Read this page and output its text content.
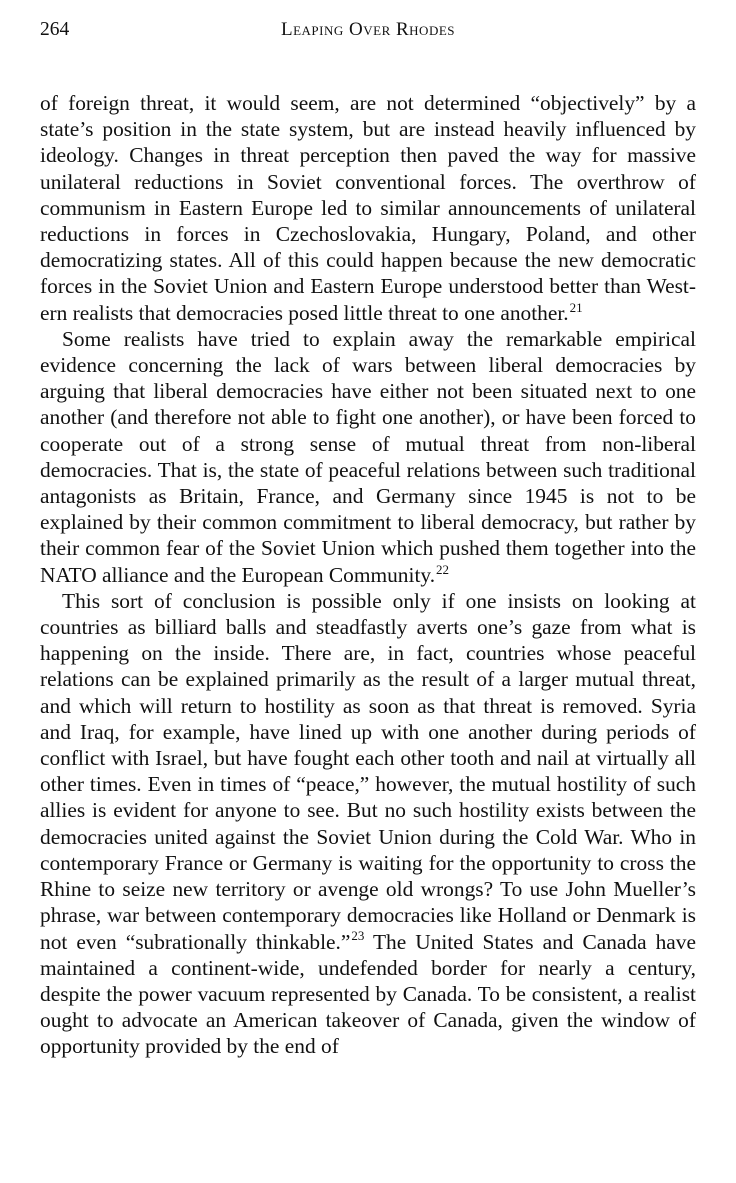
264	Leaping Over Rhodes

of foreign threat, it would seem, are not determined “objectively” by a state’s position in the state system, but are instead heavily influenced by ideology. Changes in threat perception then paved the way for massive unilateral reductions in Soviet conventional forces. The overthrow of communism in Eastern Europe led to similar announcements of unilateral reductions in forces in Czechoslovakia, Hungary, Poland, and other democratizing states. All of this could happen because the new democratic forces in the Soviet Union and Eastern Europe understood better than Western realists that democracies posed little threat to one another.$^{21}$

Some realists have tried to explain away the remarkable empirical evidence concerning the lack of wars between liberal democracies by arguing that liberal democracies have either not been situated next to one another (and therefore not able to fight one another), or have been forced to cooperate out of a strong sense of mutual threat from non-liberal democracies. That is, the state of peaceful relations between such traditional antagonists as Britain, France, and Germany since 1945 is not to be explained by their common commitment to liberal democracy, but rather by their common fear of the Soviet Union which pushed them together into the NATO alliance and the European Community.$^{22}$

This sort of conclusion is possible only if one insists on looking at countries as billiard balls and steadfastly averts one’s gaze from what is happening on the inside. There are, in fact, countries whose peaceful relations can be explained primarily as the result of a larger mutual threat, and which will return to hostility as soon as that threat is removed. Syria and Iraq, for example, have lined up with one another during periods of conflict with Israel, but have fought each other tooth and nail at virtually all other times. Even in times of “peace,” however, the mutual hostility of such allies is evident for anyone to see. But no such hostility exists between the democracies united against the Soviet Union during the Cold War. Who in contemporary France or Germany is waiting for the opportunity to cross the Rhine to seize new territory or avenge old wrongs? To use John Mueller’s phrase, war between contemporary democracies like Holland or Denmark is not even “subrationally thinkable.”$^{23}$ The United States and Canada have maintained a continent-wide, undefended border for nearly a century, despite the power vacuum represented by Canada. To be consistent, a realist ought to advocate an American takeover of Canada, given the window of opportunity provided by the end of
